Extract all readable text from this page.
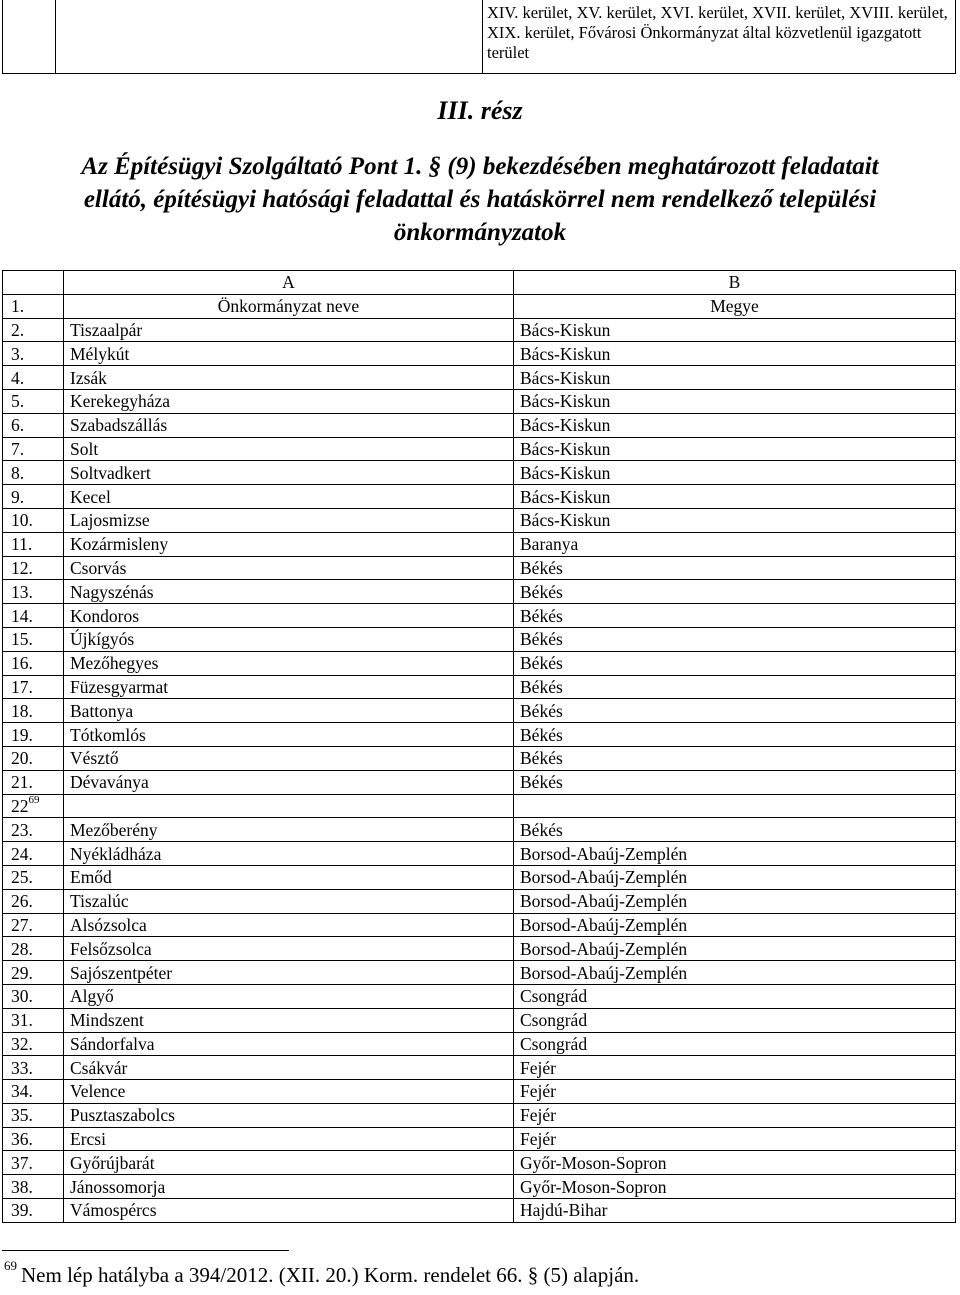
		XIV. kerület, XV. kerület, XVI. kerület, XVII. kerület, XVIII. kerület, XIX. kerület, Fővárosi Önkormányzat által közvetlenül igazgatott terület
III. rész

Az Építésügyi Szolgáltató Pont 1. § (9) bekezdésében meghatározott feladatait

ellátó, építésügyi hatósági feladattal és hatáskörrel nem rendelkező települési

önkormányzatok

	A	B
1.	Önkormányzat neve	Megye
2.	Tiszaalpár	Bács-Kiskun
3.	Mélykút	Bács-Kiskun
4.	Izsák	Bács-Kiskun
5.	Kerekegyháza	Bács-Kiskun
6.	Szabadszállás	Bács-Kiskun
7.	Solt	Bács-Kiskun
8.	Soltvadkert	Bács-Kiskun
9.	Kecel	Bács-Kiskun
10.	Lajosmizse	Bács-Kiskun
11.	Kozármisleny	Baranya
12.	Csorvás	Békés
13.	Nagyszénás	Békés
14.	Kondoros	Békés
15.	Újkígyós	Békés
16.	Mezőhegyes	Békés
17.	Füzesgyarmat	Békés
18.	Battonya	Békés
19.	Tótkomlós	Békés
20.	Vésztő	Békés
21.	Dévaványa	Békés
$22^{69}$		
23.	Mezőberény	Békés
24.	Nyékládháza	Borsod-Abaúj-Zemplén
25.	Emőd	Borsod-Abaúj-Zemplén
26.	Tiszalúc	Borsod-Abaúj-Zemplén
27.	Alsózsolca	Borsod-Abaúj-Zemplén
28.	Felsőzsolca	Borsod-Abaúj-Zemplén
29.	Sajószentpéter	Borsod-Abaúj-Zemplén
30.	Algyő	Csongrád
31.	Mindszent	Csongrád
32.	Sándorfalva	Csongrád
33.	Csákvár	Fejér
34.	Velence	Fejér
35.	Pusztaszabolcs	Fejér
36.	Ercsi	Fejér
37.	Győrújbarát	Győr-Moson-Sopron
38.	Jánossomorja	Győr-Moson-Sopron
39.	Vámospércs	Hajdú-Bihar
$^{69}$ Nem lép hatályba a 394/2012. (XII. 20.) Korm. rendelet 66. § (5) alapján.
